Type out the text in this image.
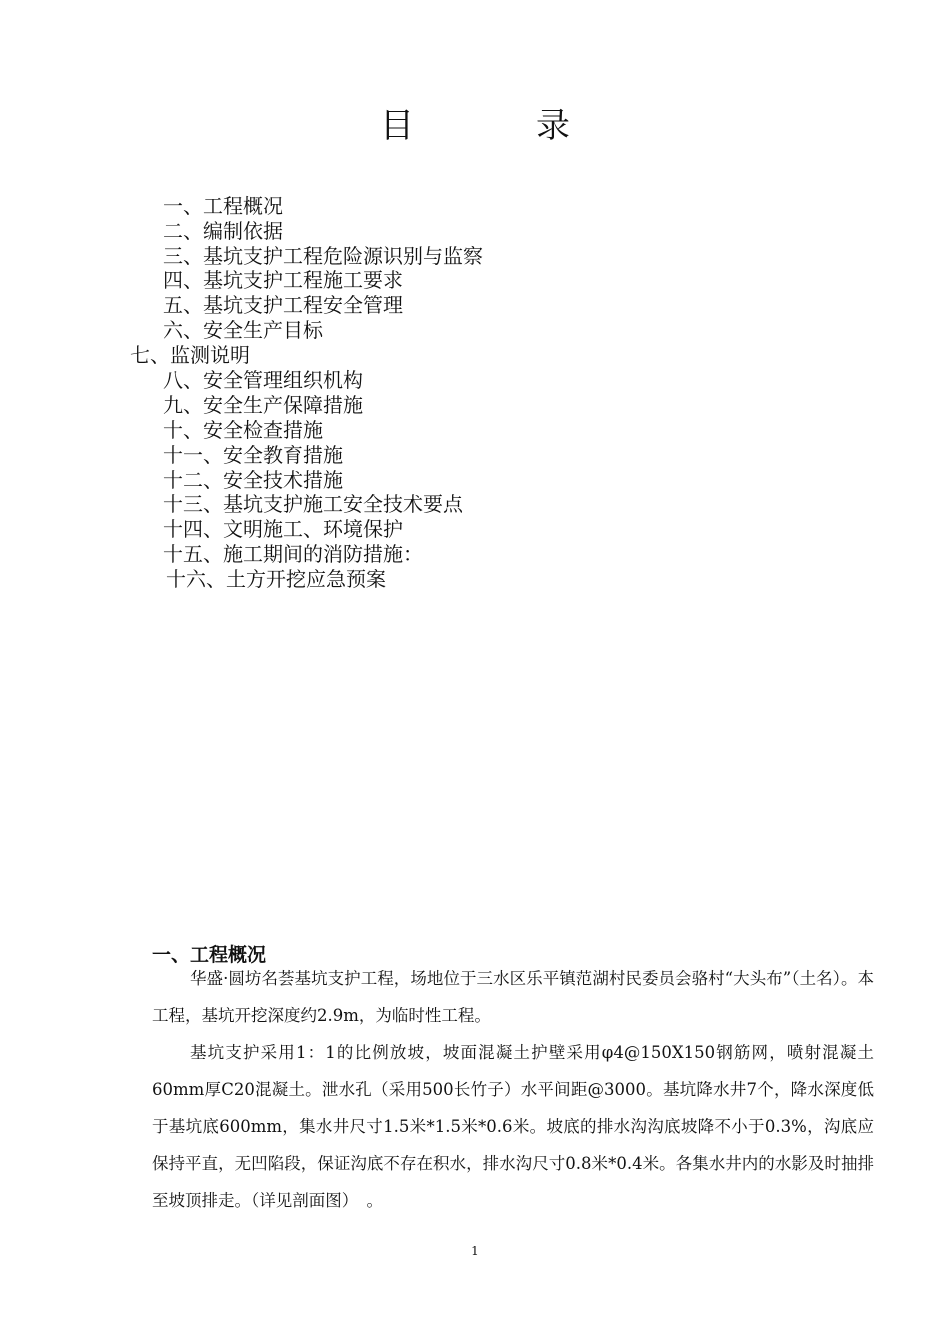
目　录
一、工程概况
二、编制依据
三、基坑支护工程危险源识别与监察
四、基坑支护工程施工要求
五、基坑支护工程安全管理
六、安全生产目标
七、监测说明
八、安全管理组织机构
九、安全生产保障措施
十、安全检查措施
十一、安全教育措施
十二、安全技术措施
十三、基坑支护施工安全技术要点
十四、文明施工、环境保护
十五、施工期间的消防措施：
十六、土方开挖应急预案
一、工程概况
华盛·圆坊名荟基坑支护工程，场地位于三水区乐平镇范湖村民委员会骆村“大头布”（土名）。本工程，基坑开挖深度约2.9m，为临时性工程。
基坑支护采用1：1的比例放坡，坡面混凝土护壁采用φ4@150X150钢筋网，喷射混凝土60mm厚C20混凝土。泄水孔（采用500长竹子）水平间距@3000。基坑降水井7个，降水深度低于基坑底600mm，集水井尺寸1.5米*1.5米*0.6米。坡底的排水沟沟底坡降不小于0.3%，沟底应保持平直，无凹陷段，保证沟底不存在积水，排水沟尺寸0.8米*0.4米。各集水井内的水影及时抽排至坡顶排走。（详见剖面图）　。
1
